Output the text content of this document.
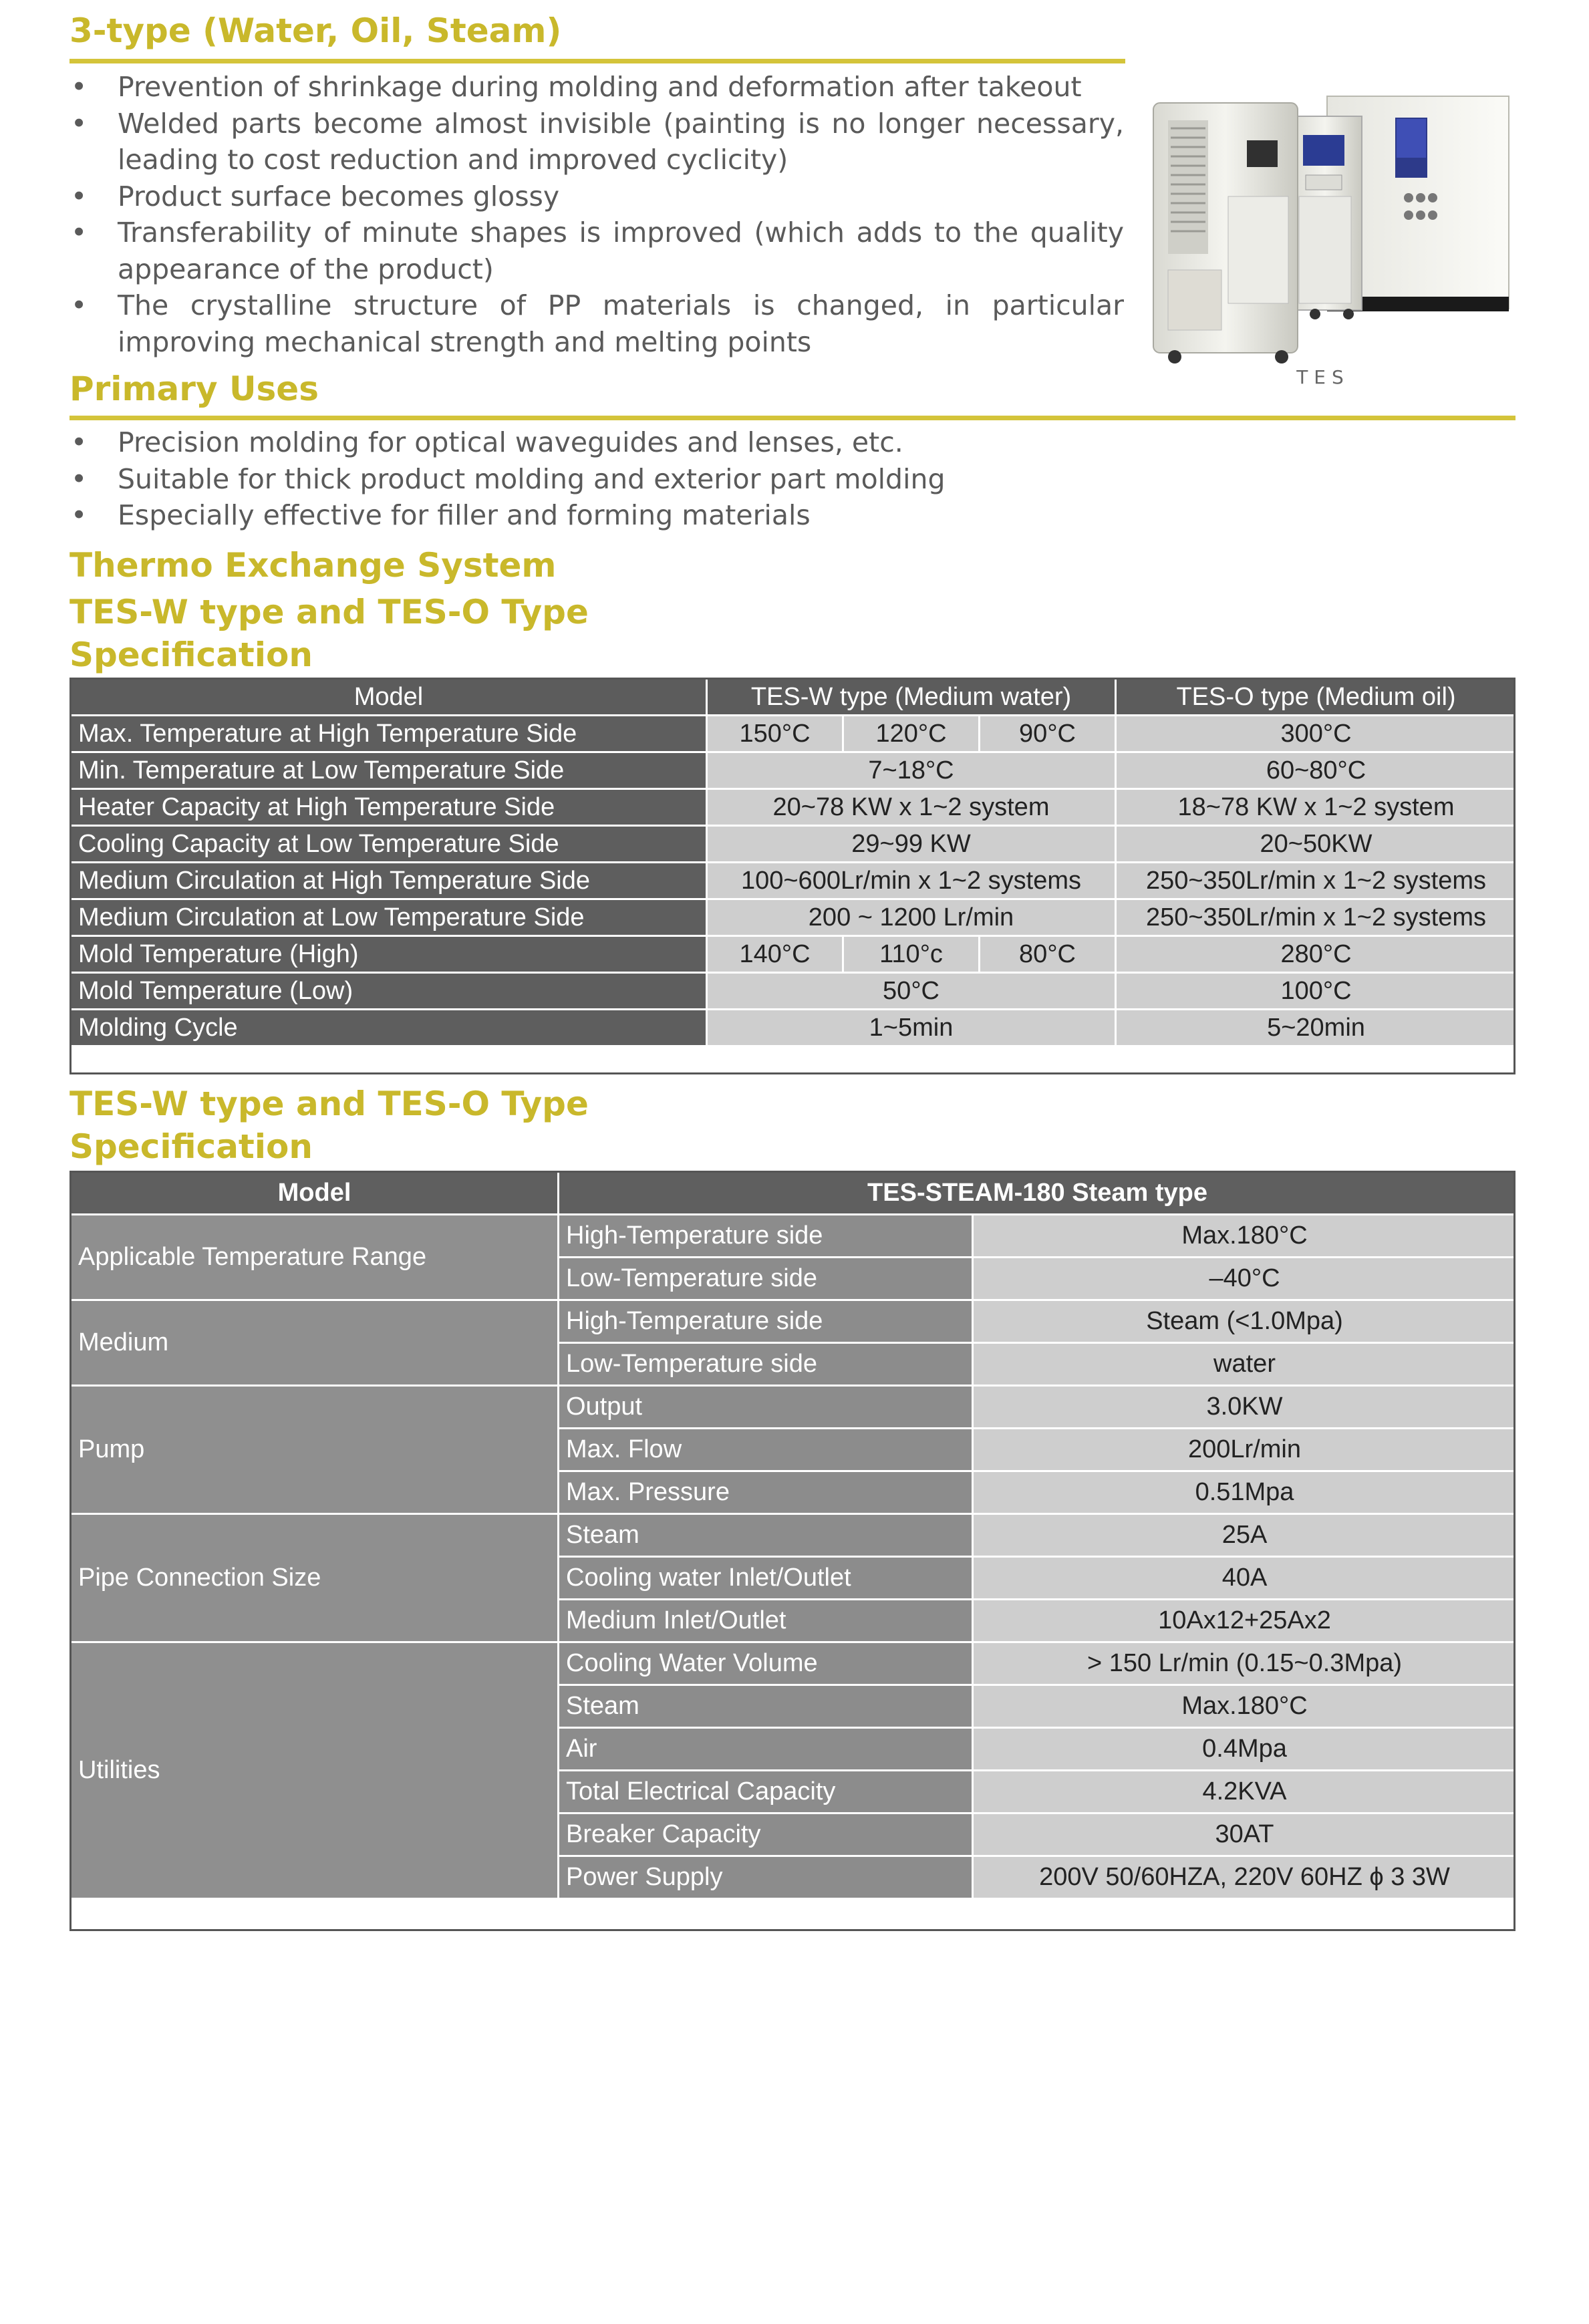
3-type (Water, Oil, Steam)
• Prevention of shrinkage during molding and deformation after takeout
• Welded parts become almost invisible (painting is no longer necessary, leading to cost reduction and improved cyclicity)
• Product surface becomes glossy
• Transferability of minute shapes is improved (which adds to the quality appearance of the product)
• The crystalline structure of PP materials is changed, in particular improving mechanical strength and melting points
TES
Primary Uses
• Precision molding for optical waveguides and lenses, etc.
• Suitable for thick product molding and exterior part molding
• Especially effective for filler and forming materials
Thermo Exchange System
TES-W type and TES-O Type
Specification
Model	TES-W type (Medium water)			TES-O type (Medium oil)
Max. Temperature at High Temperature Side	150°C	120°C	90°C	300°C
Min. Temperature at Low Temperature Side	7~18°C			60~80°C
Heater Capacity at High Temperature Side	20~78 KW x 1~2 system			18~78 KW x 1~2 system
Cooling Capacity at Low Temperature Side	29~99 KW			20~50KW
Medium Circulation at High Temperature Side	100~600Lr/min x 1~2 systems			250~350Lr/min x 1~2 systems
Medium Circulation at Low Temperature Side	200 ~ 1200 Lr/min			250~350Lr/min x 1~2 systems
Mold Temperature (High)	140°C	110°c	80°C	280°C
Mold Temperature (Low)	50°C			100°C
Molding Cycle	1~5min			5~20min
TES-W type and TES-O Type
Specification
Model	TES-STEAM-180 Steam type	
Applicable Temperature Range	High-Temperature side	Max.180°C
	Low-Temperature side	–40°C
Medium	High-Temperature side	Steam (<1.0Mpa)
	Low-Temperature side	water
Pump	Output	3.0KW
	Max. Flow	200Lr/min
	Max. Pressure	0.51Mpa
Pipe Connection Size	Steam	25A
	Cooling water Inlet/Outlet	40A
	Medium Inlet/Outlet	10Ax12+25Ax2
Utilities	Cooling Water Volume	> 150 Lr/min (0.15~0.3Mpa)
	Steam	Max.180°C
	Air	0.4Mpa
	Total Electrical Capacity	4.2KVA
	Breaker Capacity	30AT
	Power Supply	200V 50/60HZA, 220V 60HZ ϕ 3 3W
